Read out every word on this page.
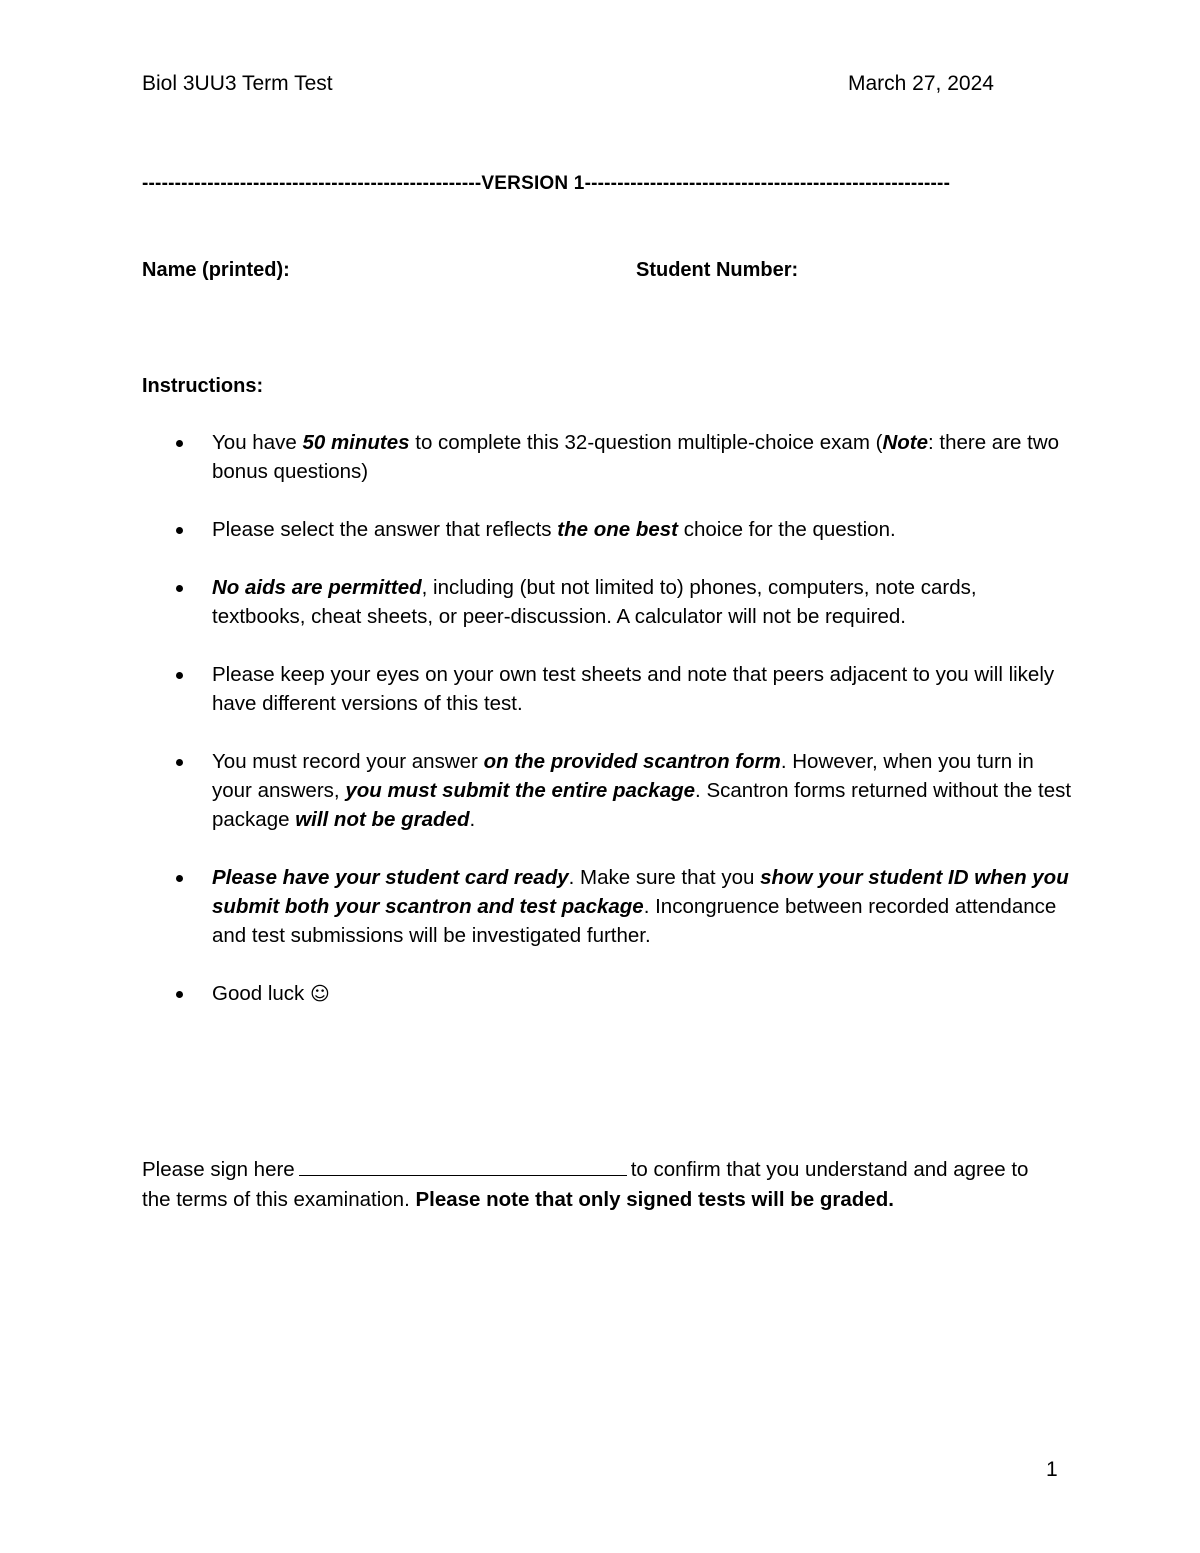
Biol 3UU3 Term Test	March 27, 2024
----------------------------------------------------VERSION 1--------------------------------------------------------
Name (printed):	Student Number:
Instructions:
You have 50 minutes to complete this 32-question multiple-choice exam (Note: there are two bonus questions)
Please select the answer that reflects the one best choice for the question.
No aids are permitted, including (but not limited to) phones, computers, note cards, textbooks, cheat sheets, or peer-discussion. A calculator will not be required.
Please keep your eyes on your own test sheets and note that peers adjacent to you will likely have different versions of this test.
You must record your answer on the provided scantron form. However, when you turn in your answers, you must submit the entire package. Scantron forms returned without the test package will not be graded.
Please have your student card ready. Make sure that you show your student ID when you submit both your scantron and test package. Incongruence between recorded attendance and test submissions will be investigated further.
Good luck ☺
Please sign here	to confirm that you understand and agree to the terms of this examination. Please note that only signed tests will be graded.
1
